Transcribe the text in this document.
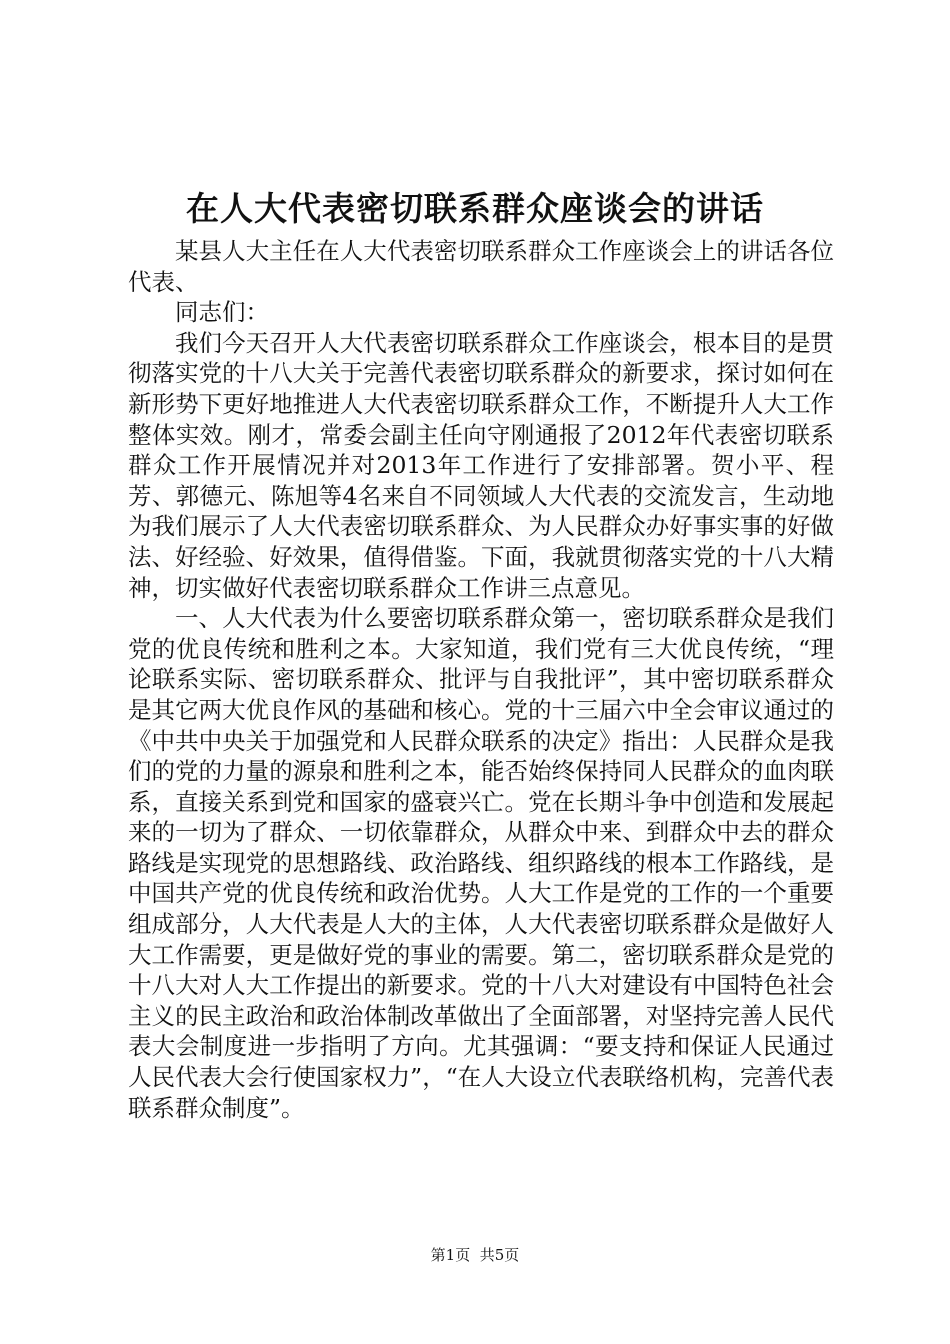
在人大代表密切联系群众座谈会的讲话

某县人大主任在人大代表密切联系群众工作座谈会上的讲话各位代表、

同志们：

我们今天召开人大代表密切联系群众工作座谈会，根本目的是贯彻落实党的十八大关于完善代表密切联系群众的新要求，探讨如何在新形势下更好地推进人大代表密切联系群众工作，不断提升人大工作整体实效。刚才，常委会副主任向守刚通报了2012年代表密切联系群众工作开展情况并对2013年工作进行了安排部署。贺小平、程芳、郭德元、陈旭等4名来自不同领域人大代表的交流发言，生动地为我们展示了人大代表密切联系群众、为人民群众办好事实事的好做法、好经验、好效果，值得借鉴。下面，我就贯彻落实党的十八大精神，切实做好代表密切联系群众工作讲三点意见。

一、人大代表为什么要密切联系群众第一，密切联系群众是我们党的优良传统和胜利之本。大家知道，我们党有三大优良传统，“理论联系实际、密切联系群众、批评与自我批评”，其中密切联系群众是其它两大优良作风的基础和核心。党的十三届六中全会审议通过的《中共中央关于加强党和人民群众联系的决定》指出：人民群众是我们的党的力量的源泉和胜利之本，能否始终保持同人民群众的血肉联系，直接关系到党和国家的盛衰兴亡。党在长期斗争中创造和发展起来的一切为了群众、一切依靠群众，从群众中来、到群众中去的群众路线是实现党的思想路线、政治路线、组织路线的根本工作路线，是中国共产党的优良传统和政治优势。人大工作是党的工作的一个重要组成部分，人大代表是人大的主体，人大代表密切联系群众是做好人大工作需要，更是做好党的事业的需要。第二，密切联系群众是党的十八大对人大工作提出的新要求。党的十八大对建设有中国特色社会主义的民主政治和政治体制改革做出了全面部署，对坚持完善人民代表大会制度进一步指明了方向。尤其强调：“要支持和保证人民通过人民代表大会行使国家权力”，“在人大设立代表联络机构，完善代表联系群众制度”。

第1页 共5页
